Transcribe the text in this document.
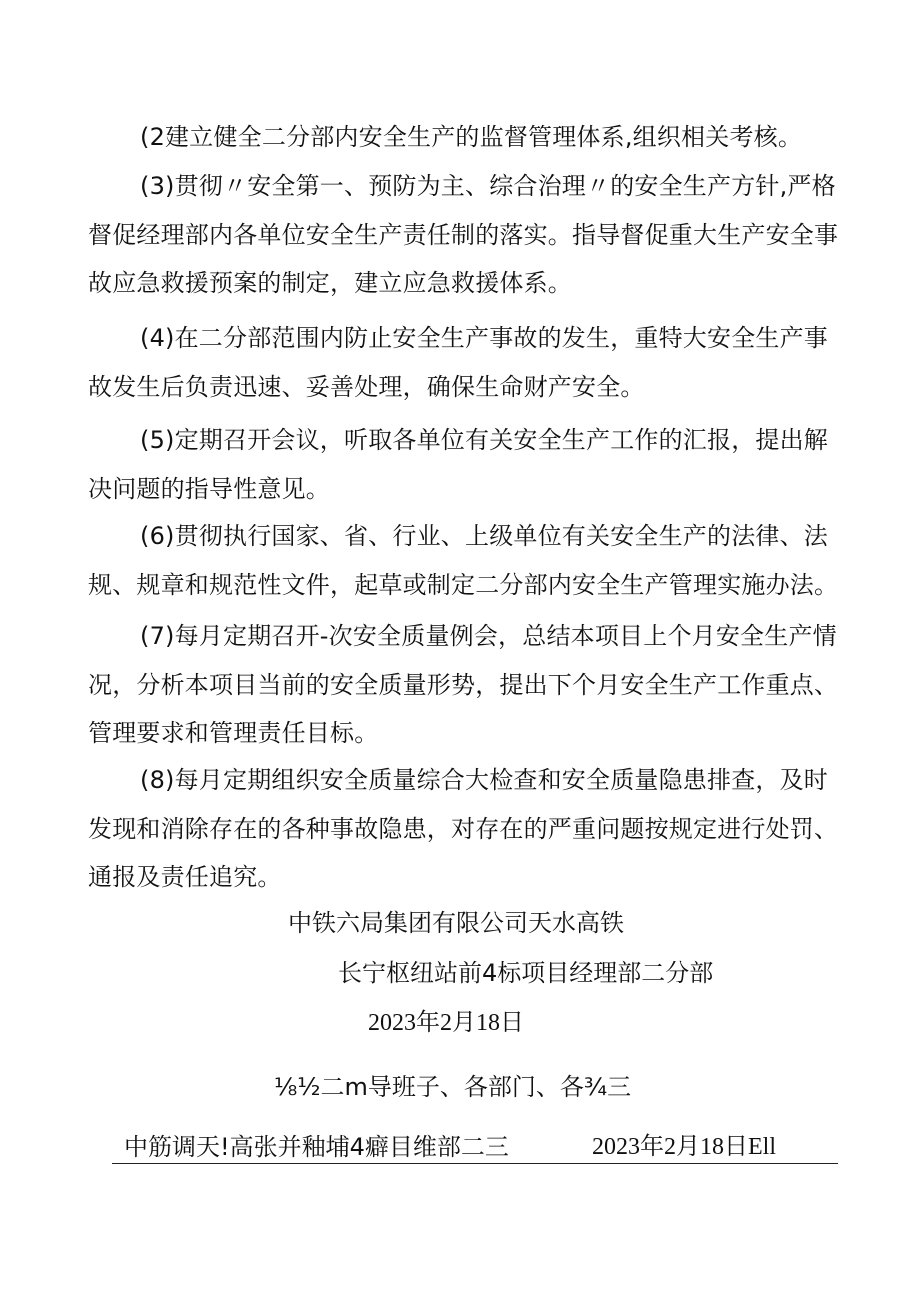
(2建立健全二分部内安全生产的监督管理体系,组织相关考核。

(3)贯彻〃安全第一、预防为主、综合治理〃的安全生产方针,严格督促经理部内各单位安全生产责任制的落实。指导督促重大生产安全事故应急救援预案的制定，建立应急救援体系。

(4)在二分部范围内防止安全生产事故的发生，重特大安全生产事故发生后负责迅速、妥善处理，确保生命财产安全。

(5)定期召开会议，听取各单位有关安全生产工作的汇报，提出解决问题的指导性意见。

(6)贯彻执行国家、省、行业、上级单位有关安全生产的法律、法规、规章和规范性文件，起草或制定二分部内安全生产管理实施办法。

(7)每月定期召开-次安全质量例会，总结本项目上个月安全生产情况，分析本项目当前的安全质量形势，提出下个月安全生产工作重点、管理要求和管理责任目标。

(8)每月定期组织安全质量综合大检查和安全质量隐患排查，及时发现和消除存在的各种事故隐患，对存在的严重问题按规定进行处罚、通报及责任追究。

中铁六局集团有限公司天水高铁

长宁枢纽站前4标项目经理部二分部

2023年2月18日

⅛½二m导班子、各部门、各¾三

中筋调天!高张并釉埔4癖目维部二三	2023年2月18日Ell
